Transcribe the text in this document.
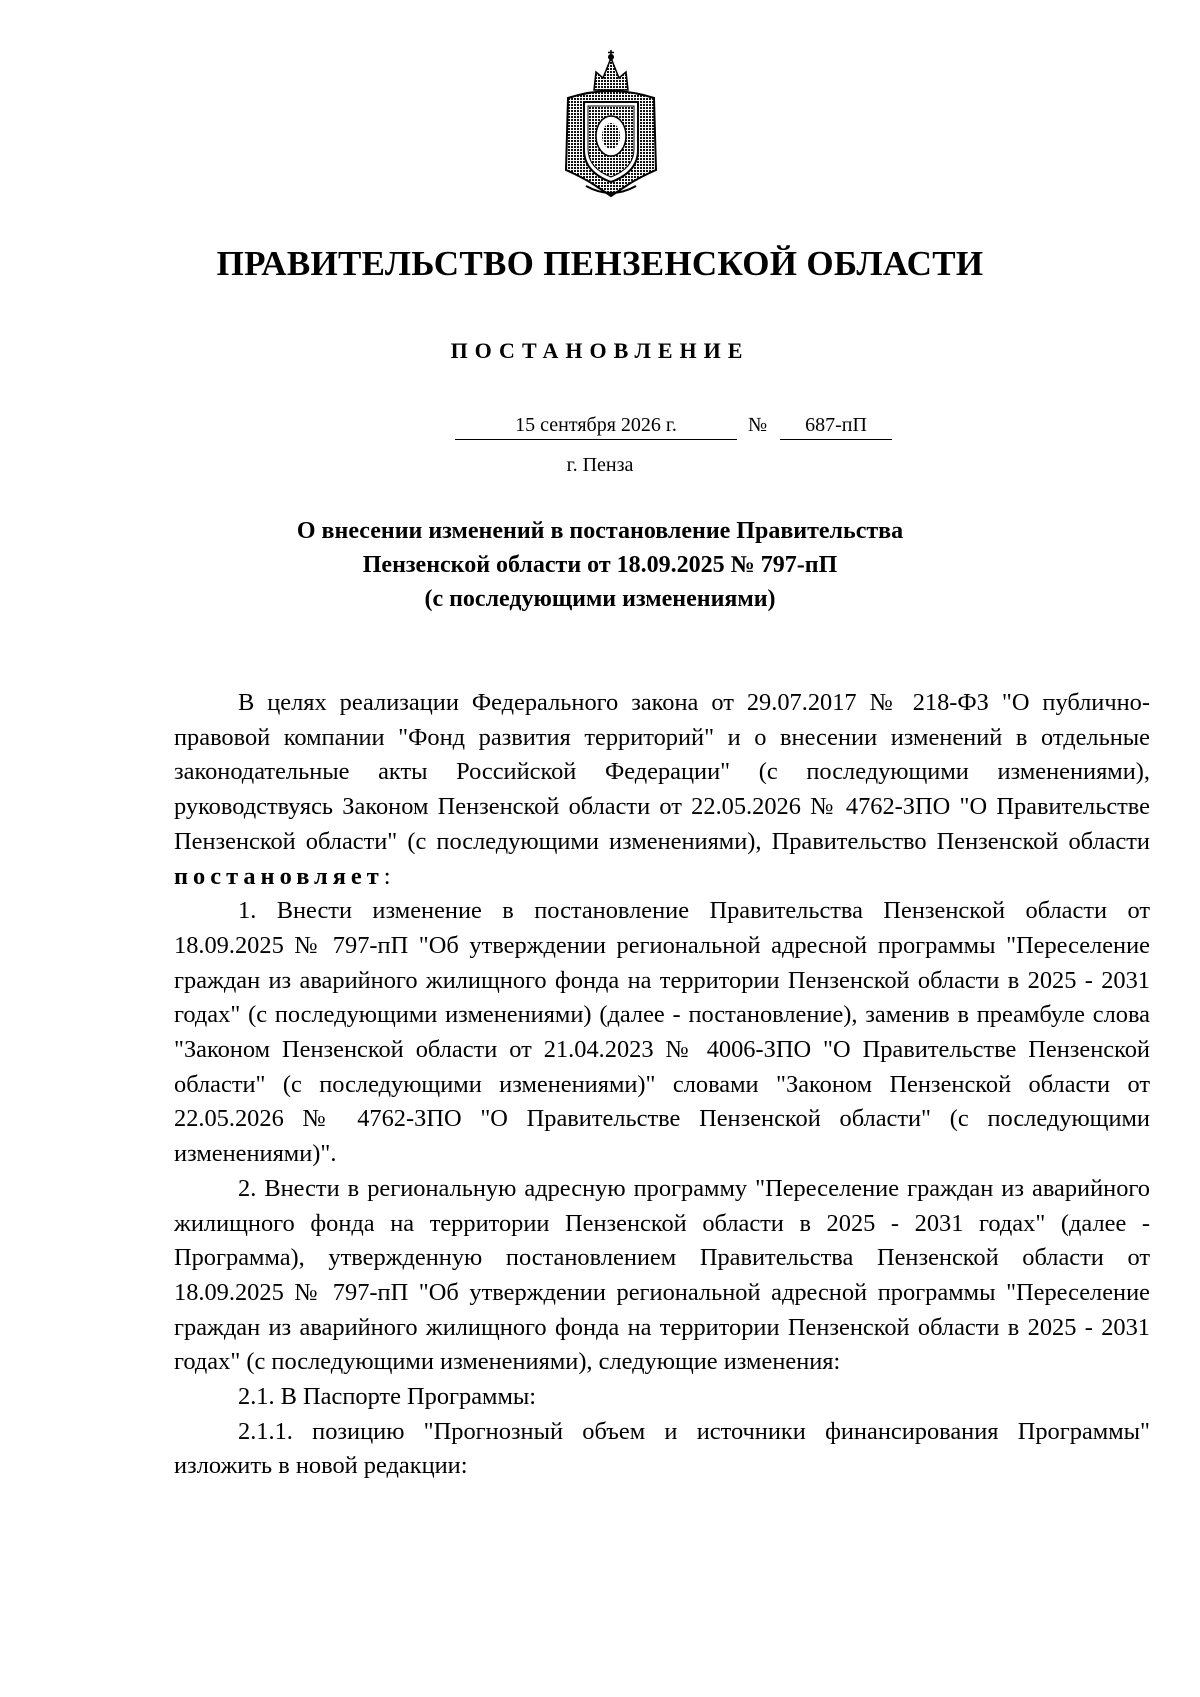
ПРАВИТЕЛЬСТВО ПЕНЗЕНСКОЙ ОБЛАСТИ
ПОСТАНОВЛЕНИЕ
15 сентября 2026 г.	№	687-пП
г. Пенза
О внесении изменений в постановление Правительства
Пензенской области от 18.09.2025 № 797-пП
(с последующими изменениями)

В целях реализации Федерального закона от 29.07.2017 № 218-ФЗ "О публично-правовой компании "Фонд развития территорий" и о внесении изменений в отдельные законодательные акты Российской Федерации" (с последующими изменениями), руководствуясь Законом Пензенской области от 22.05.2026 № 4762-ЗПО "О Правительстве Пензенской области" (с последующими изменениями), Правительство Пензенской области постановляет:

1. Внести изменение в постановление Правительства Пензенской области от 18.09.2025 № 797-пП "Об утверждении региональной адресной программы "Переселение граждан из аварийного жилищного фонда на территории Пензенской области в 2025 - 2031 годах" (с последующими изменениями) (далее - постановление), заменив в преамбуле слова "Законом Пензенской области от 21.04.2023 № 4006-ЗПО "О Правительстве Пензенской области" (с последующими изменениями)" словами "Законом Пензенской области от 22.05.2026 № 4762-ЗПО "О Правительстве Пензенской области" (с последующими изменениями)".

2. Внести в региональную адресную программу "Переселение граждан из аварийного жилищного фонда на территории Пензенской области в 2025 - 2031 годах" (далее - Программа), утвержденную постановлением Правительства Пензенской области от 18.09.2025 № 797-пП "Об утверждении региональной адресной программы "Переселение граждан из аварийного жилищного фонда на территории Пензенской области в 2025 - 2031 годах" (с последующими изменениями), следующие изменения:

2.1. В Паспорте Программы:

2.1.1. позицию "Прогнозный объем и источники финансирования Программы" изложить в новой редакции:
